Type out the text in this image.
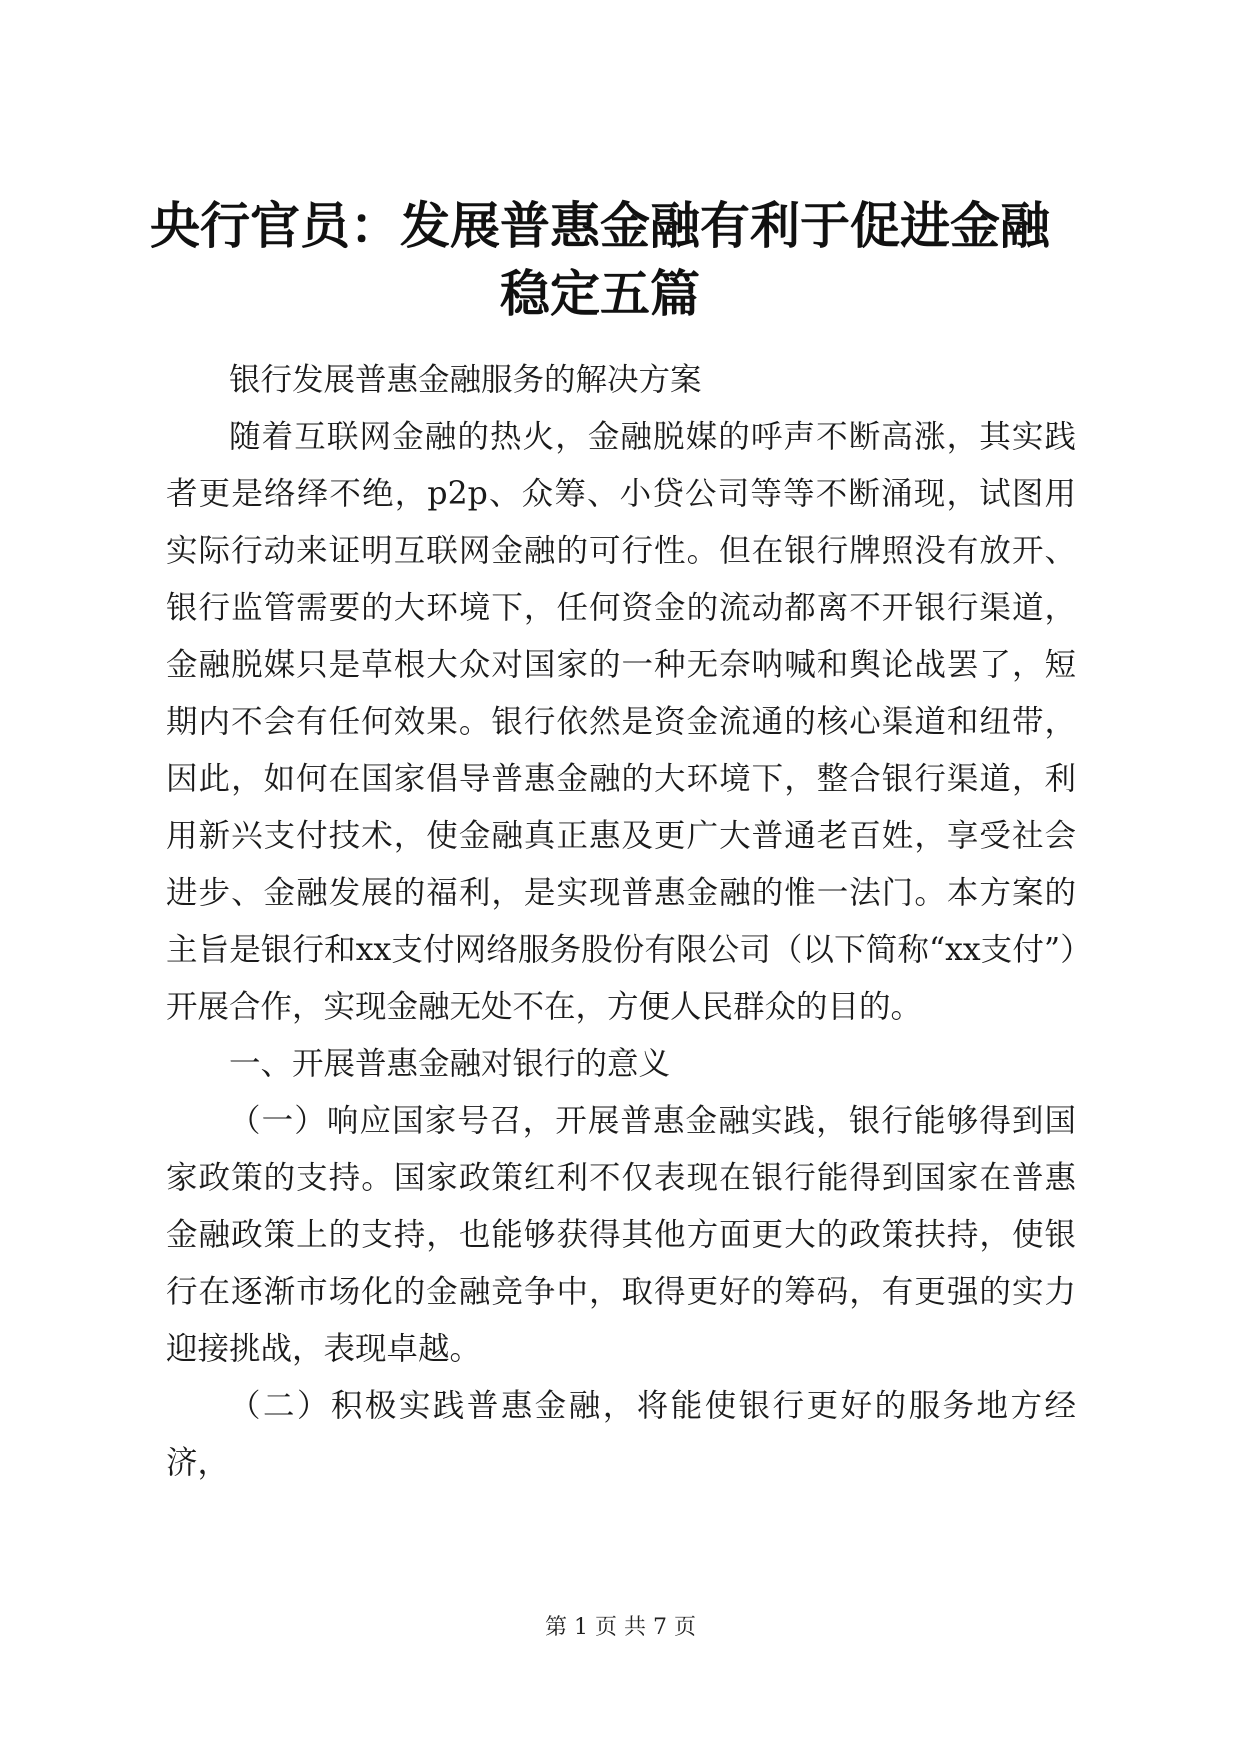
央行官员：发展普惠金融有利于促进金融稳定五篇

银行发展普惠金融服务的解决方案

随着互联网金融的热火，金融脱媒的呼声不断高涨，其实践者更是络绎不绝，p2p、众筹、小贷公司等等不断涌现，试图用实际行动来证明互联网金融的可行性。但在银行牌照没有放开、银行监管需要的大环境下，任何资金的流动都离不开银行渠道，金融脱媒只是草根大众对国家的一种无奈呐喊和舆论战罢了，短期内不会有任何效果。银行依然是资金流通的核心渠道和纽带，因此，如何在国家倡导普惠金融的大环境下，整合银行渠道，利用新兴支付技术，使金融真正惠及更广大普通老百姓，享受社会进步、金融发展的福利，是实现普惠金融的惟一法门。本方案的主旨是银行和xx支付网络服务股份有限公司（以下简称“xx支付”）开展合作，实现金融无处不在，方便人民群众的目的。

一、开展普惠金融对银行的意义

（一）响应国家号召，开展普惠金融实践，银行能够得到国家政策的支持。国家政策红利不仅表现在银行能得到国家在普惠金融政策上的支持，也能够获得其他方面更大的政策扶持，使银行在逐渐市场化的金融竞争中，取得更好的筹码，有更强的实力迎接挑战，表现卓越。

（二）积极实践普惠金融，将能使银行更好的服务地方经济，

第 1 页 共 7 页
